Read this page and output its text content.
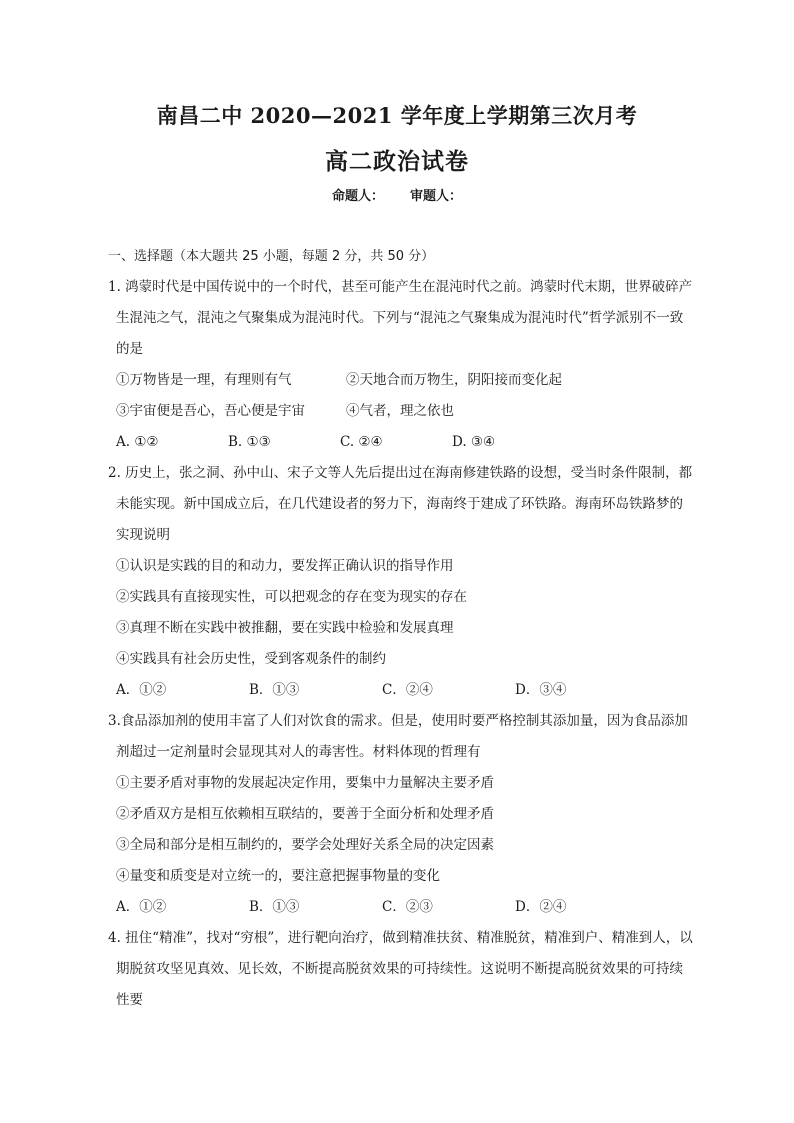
南昌二中 2020—2021 学年度上学期第三次月考
高二政治试卷
命题人： 审题人：
一、选择题（本大题共 25 小题，每题 2 分，共 50 分）
1. 鸿蒙时代是中国传说中的一个时代，甚至可能产生在混沌时代之前。鸿蒙时代末期，世界破碎产
生混沌之气，混沌之气聚集成为混沌时代。下列与“混沌之气聚集成为混沌时代”哲学派别不一致
的是
①万物皆是一理，有理则有气	②天地合而万物生，阴阳接而变化起
③宇宙便是吾心，吾心便是宇宙	④气者，理之依也
A. ①②	B. ①③	C. ②④	D. ③④
2. 历史上，张之洞、孙中山、宋子文等人先后提出过在海南修建铁路的设想，受当时条件限制，都
未能实现。新中国成立后，在几代建设者的努力下，海南终于建成了环铁路。海南环岛铁路梦的
实现说明
①认识是实践的目的和动力，要发挥正确认识的指导作用
②实践具有直接现实性，可以把观念的存在变为现实的存在
③真理不断在实践中被推翻，要在实践中检验和发展真理
④实践具有社会历史性，受到客观条件的制约
A．①②	B．①③	C．②④	D．③④
3.食品添加剂的使用丰富了人们对饮食的需求。但是，使用时要严格控制其添加量，因为食品添加
剂超过一定剂量时会显现其对人的毒害性。材料体现的哲理有
①主要矛盾对事物的发展起决定作用，要集中力量解决主要矛盾
②矛盾双方是相互依赖相互联结的，要善于全面分析和处理矛盾
③全局和部分是相互制约的，要学会处理好关系全局的决定因素
④量变和质变是对立统一的，要注意把握事物量的变化
A．①②	B．①③	C．②③	D．②④
4. 扭住“精准”，找对“穷根”，进行靶向治疗，做到精准扶贫、精准脱贫，精准到户、精准到人，以
期脱贫攻坚见真效、见长效，不断提高脱贫效果的可持续性。这说明不断提高脱贫效果的可持续
性要
